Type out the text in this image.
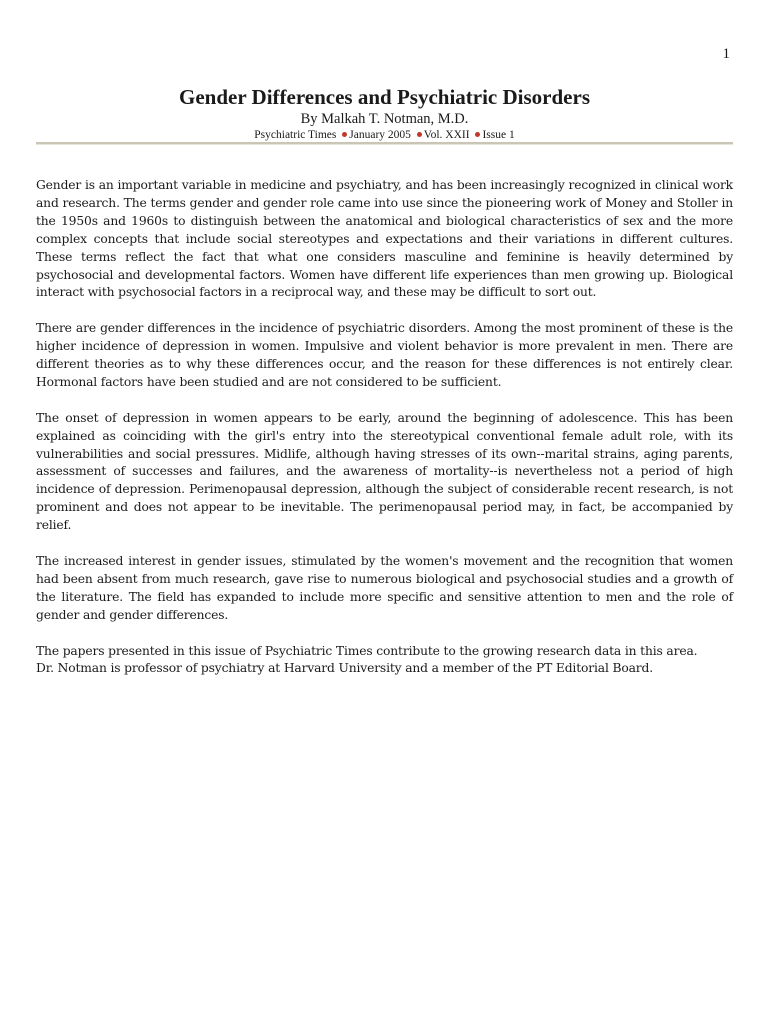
1
Gender Differences and Psychiatric Disorders

By Malkah T. Notman, M.D.

Psychiatric Times January 2005 Vol. XXII Issue 1

Gender is an important variable in medicine and psychiatry, and has been increasingly recognized in clinical work and research. The terms gender and gender role came into use since the pioneering work of Money and Stoller in the 1950s and 1960s to distinguish between the anatomical and biological characteristics of sex and the more complex concepts that include social stereotypes and expectations and their variations in different cultures. These terms reflect the fact that what one considers masculine and feminine is heavily determined by psychosocial and developmental factors. Women have different life experiences than men growing up. Biological interact with psychosocial factors in a reciprocal way, and these may be difficult to sort out.

There are gender differences in the incidence of psychiatric disorders. Among the most prominent of these is the higher incidence of depression in women. Impulsive and violent behavior is more prevalent in men. There are different theories as to why these differences occur, and the reason for these differences is not entirely clear. Hormonal factors have been studied and are not considered to be sufficient.

The onset of depression in women appears to be early, around the beginning of adolescence. This has been explained as coinciding with the girl's entry into the stereotypical conventional female adult role, with its vulnerabilities and social pressures. Midlife, although having stresses of its own--marital strains, aging parents, assessment of successes and failures, and the awareness of mortality--is nevertheless not a period of high incidence of depression. Perimenopausal depression, although the subject of considerable recent research, is not prominent and does not appear to be inevitable. The perimenopausal period may, in fact, be accompanied by relief.

The increased interest in gender issues, stimulated by the women's movement and the recognition that women had been absent from much research, gave rise to numerous biological and psychosocial studies and a growth of the literature. The field has expanded to include more specific and sensitive attention to men and the role of gender and gender differences.

The papers presented in this issue of Psychiatric Times contribute to the growing research data in this area.

Dr. Notman is professor of psychiatry at Harvard University and a member of the PT Editorial Board.
